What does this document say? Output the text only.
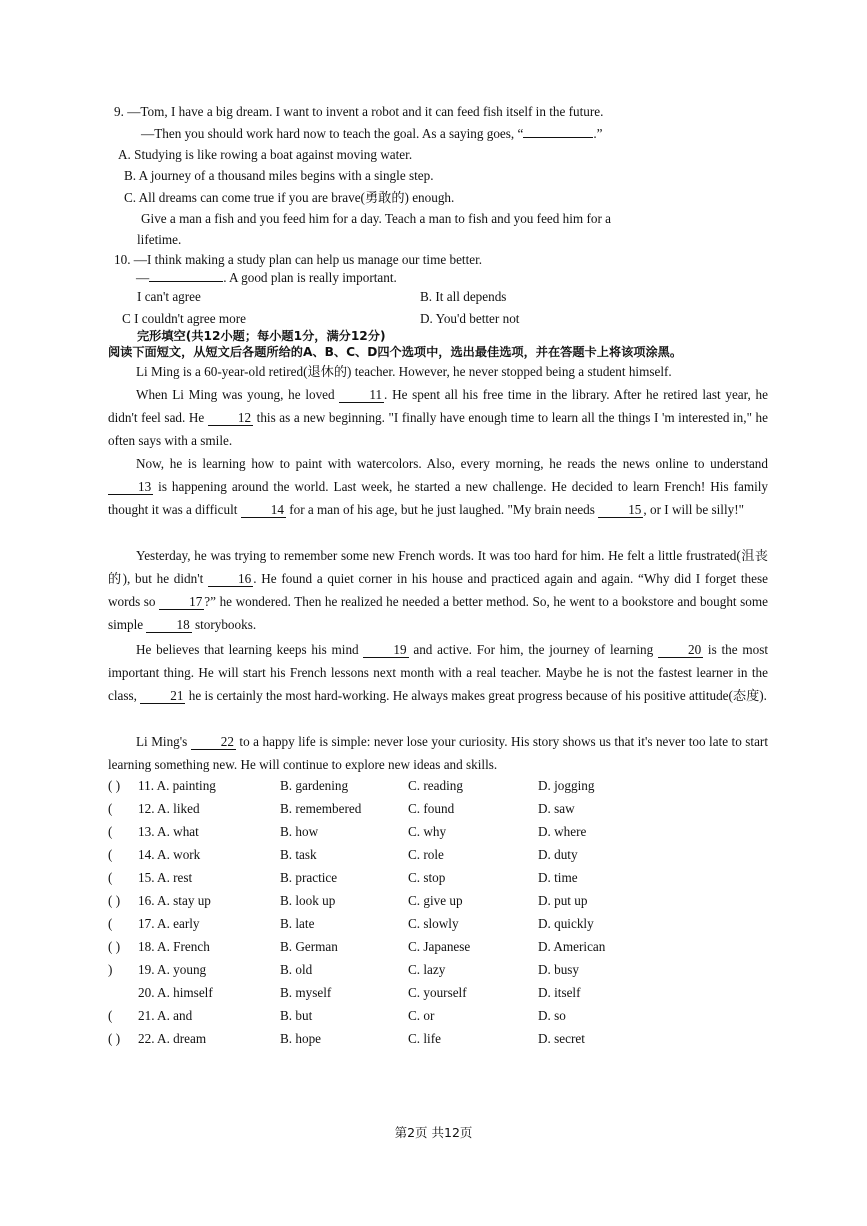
9. —Tom, I have a big dream. I want to invent a robot and it can feed fish itself in the future.
—Then you should work hard now to teach the goal. As a saying goes, “	.”
A. Studying is like rowing a boat against moving water.
B. A journey of a thousand miles begins with a single step.
C. All dreams can come true if you are brave(勇敢的) enough.
Give a man a fish and you feed him for a day. Teach a man to fish and you feed him for a
lifetime.
10. —I think making a study plan can help us manage our time better.
—	. A good plan is really important.
I can't agree	B. It all depends
C I couldn't agree more	D. You'd better not
完形填空(共12小题；每小题1分，满分12分)
阅读下面短文，从短文后各题所给的A、B、C、D四个选项中，选出最佳选项，并在答题卡上将该项涂黑。
Li Ming is a 60-year-old retired(退休的) teacher. However, he never stopped being a student himself.
When Li Ming was young, he loved 11 . He spent all his free time in the library. After he retired last year, he didn't feel sad. He 12 this as a new beginning. "I finally have enough time to learn all the things I 'm interested in," he often says with a smile.
Now, he is learning how to paint with watercolors. Also, every morning, he reads the news online to understand 13 is happening around the world. Last week, he started a new challenge. He decided to learn French! His family thought it was a difficult 14 for a man of his age, but he just laughed. "My brain needs 15 , or I will be silly!"
Yesterday, he was trying to remember some new French words. It was too hard for him. He felt a little frustrated(沮丧的), but he didn't 16 . He found a quiet corner in his house and practiced again and again. “Why did I forget these words so 17 ?” he wondered. Then he realized he needed a better method. So, he went to a bookstore and bought some simple 18 storybooks.
He believes that learning keeps his mind 19 and active. For him, the journey of learning 20 is the most important thing. He will start his French lessons next month with a real teacher. Maybe he is not the fastest learner in the class, 21 he is certainly the most hard-working. He always makes great progress because of his positive attitude(态度).
Li Ming's 22 to a happy life is simple: never lose your curiosity. His story shows us that it's never too late to start learning something new. He will continue to explore new ideas and skills.
( ) 11. A. painting	B. gardening	C. reading	D. jogging
( 12. A. liked	B. remembered	C. found	D. saw
( 13. A. what	B. how	C. why	D. where
( 14. A. work	B. task	C. role	D. duty
( 15. A. rest	B. practice	C. stop	D. time
( ) 16. A. stay up	B. look up	C. give up	D. put up
( 17. A. early	B. late	C. slowly	D. quickly
( ) 18. A. French	B. German	C. Japanese	D. American
) 19. A. young	B. old	C. lazy	D. busy
20. A. himself	B. myself	C. yourself	D. itself
( 21. A. and	B. but	C. or	D. so
( ) 22. A. dream	B. hope	C. life	D. secret
第2页 共12页
